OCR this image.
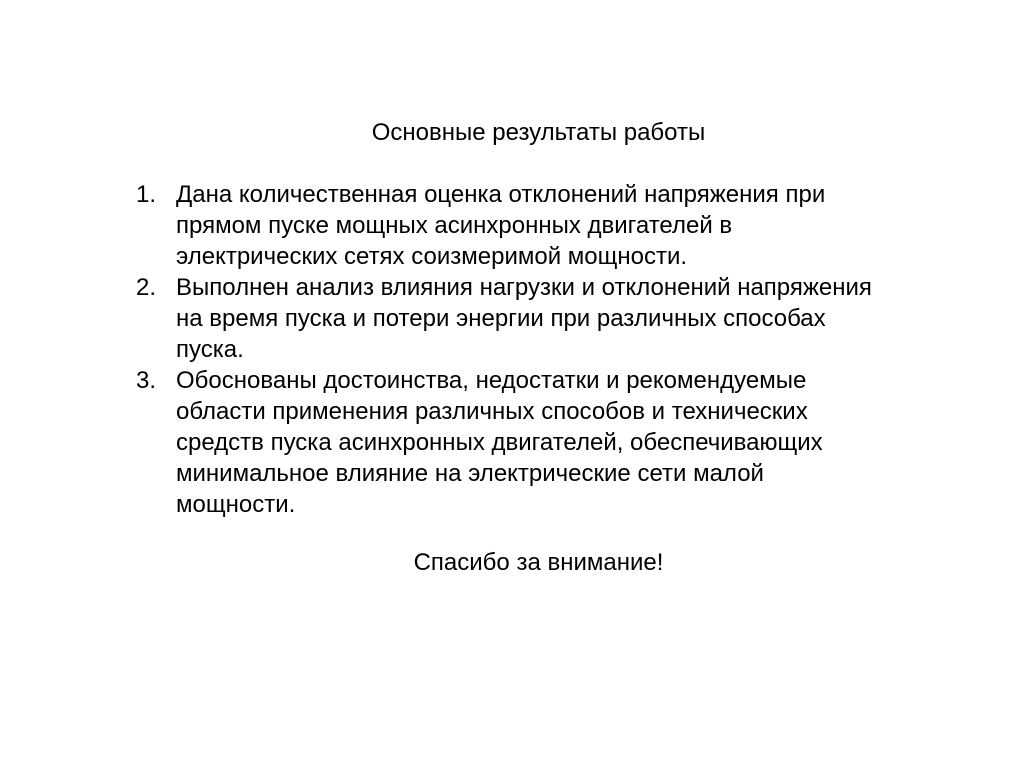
Основные результаты работы
1. Дана количественная оценка отклонений напряжения при
прямом пуске мощных асинхронных двигателей в
электрических сетях соизмеримой мощности.
2. Выполнен анализ влияния нагрузки и отклонений напряжения
на время пуска и потери энергии при различных способах
пуска.
3. Обоснованы достоинства, недостатки и рекомендуемые
области применения различных способов и технических
средств пуска асинхронных двигателей, обеспечивающих
минимальное влияние на электрические сети малой
мощности.
Спасибо за внимание!
